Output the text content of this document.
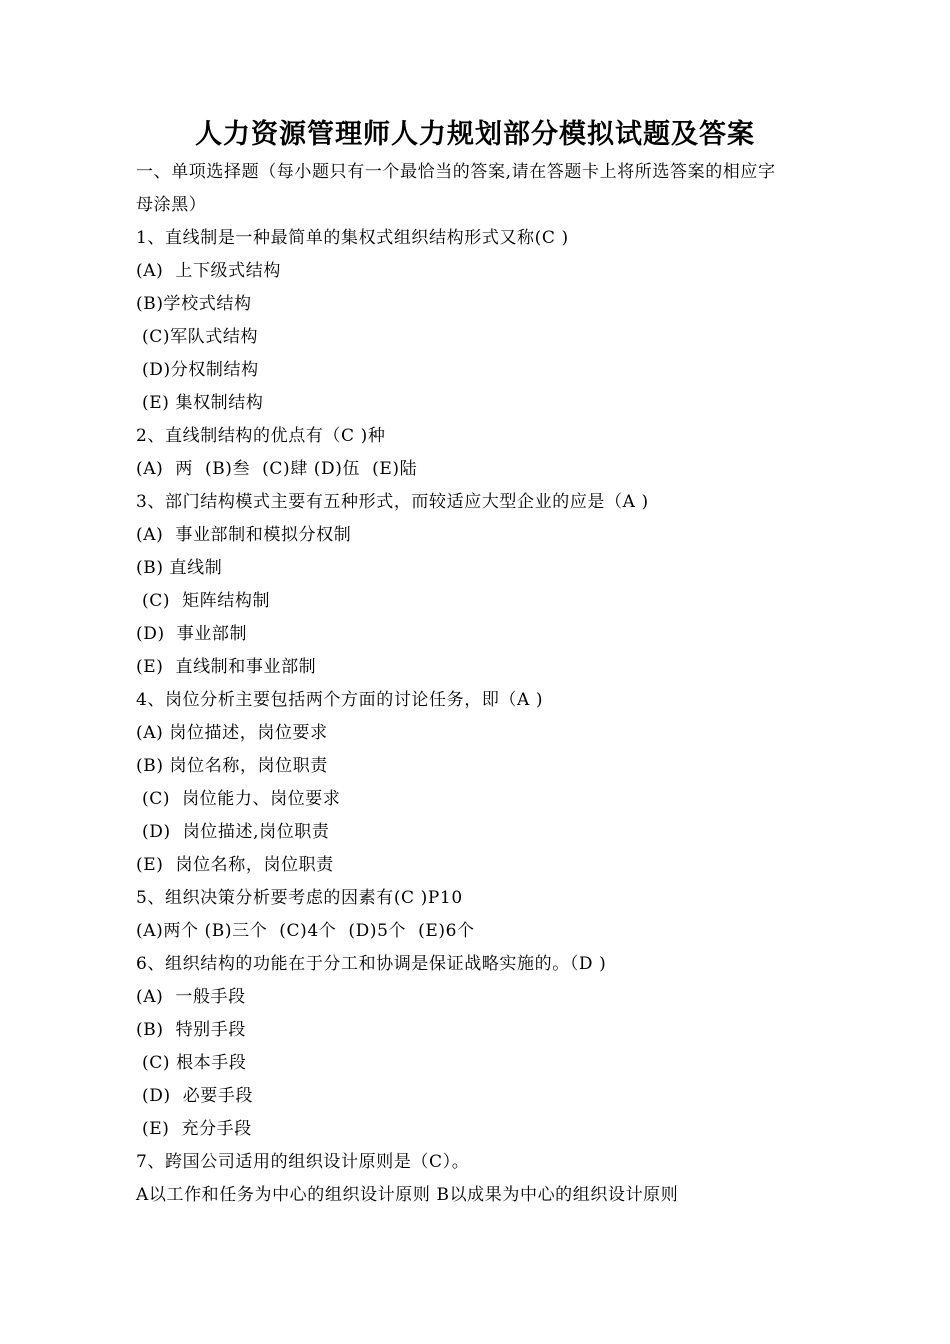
人力资源管理师人力规划部分模拟试题及答案
一、单项选择题（每小题只有一个最恰当的答案,请在答题卡上将所选答案的相应字
母涂黑）
1、直线制是一种最简单的集权式组织结构形式又称(C )
(A)  上下级式结构
(B)学校式结构
(C)军队式结构
(D)分权制结构
(E) 集权制结构
2、直线制结构的优点有（C )种
(A)  两  (B)叁  (C)肆 (D)伍  (E)陆
3、部门结构模式主要有五种形式，而较适应大型企业的应是（A )
(A)  事业部制和模拟分权制
(B) 直线制
(C)  矩阵结构制
(D)  事业部制
(E)  直线制和事业部制
4、岗位分析主要包括两个方面的讨论任务，即（A )
(A) 岗位描述，岗位要求
(B) 岗位名称，岗位职责
(C)  岗位能力、岗位要求
(D)  岗位描述,岗位职责
(E)  岗位名称，岗位职责
5、组织决策分析要考虑的因素有(C )P10
(A)两个 (B)三个  (C)4个  (D)5个  (E)6个
6、组织结构的功能在于分工和协调是保证战略实施的。（D )
(A)  一般手段
(B)  特别手段
(C) 根本手段
(D)  必要手段
(E)  充分手段
7、跨国公司适用的组织设计原则是（C）。
A以工作和任务为中心的组织设计原则 B以成果为中心的组织设计原则
